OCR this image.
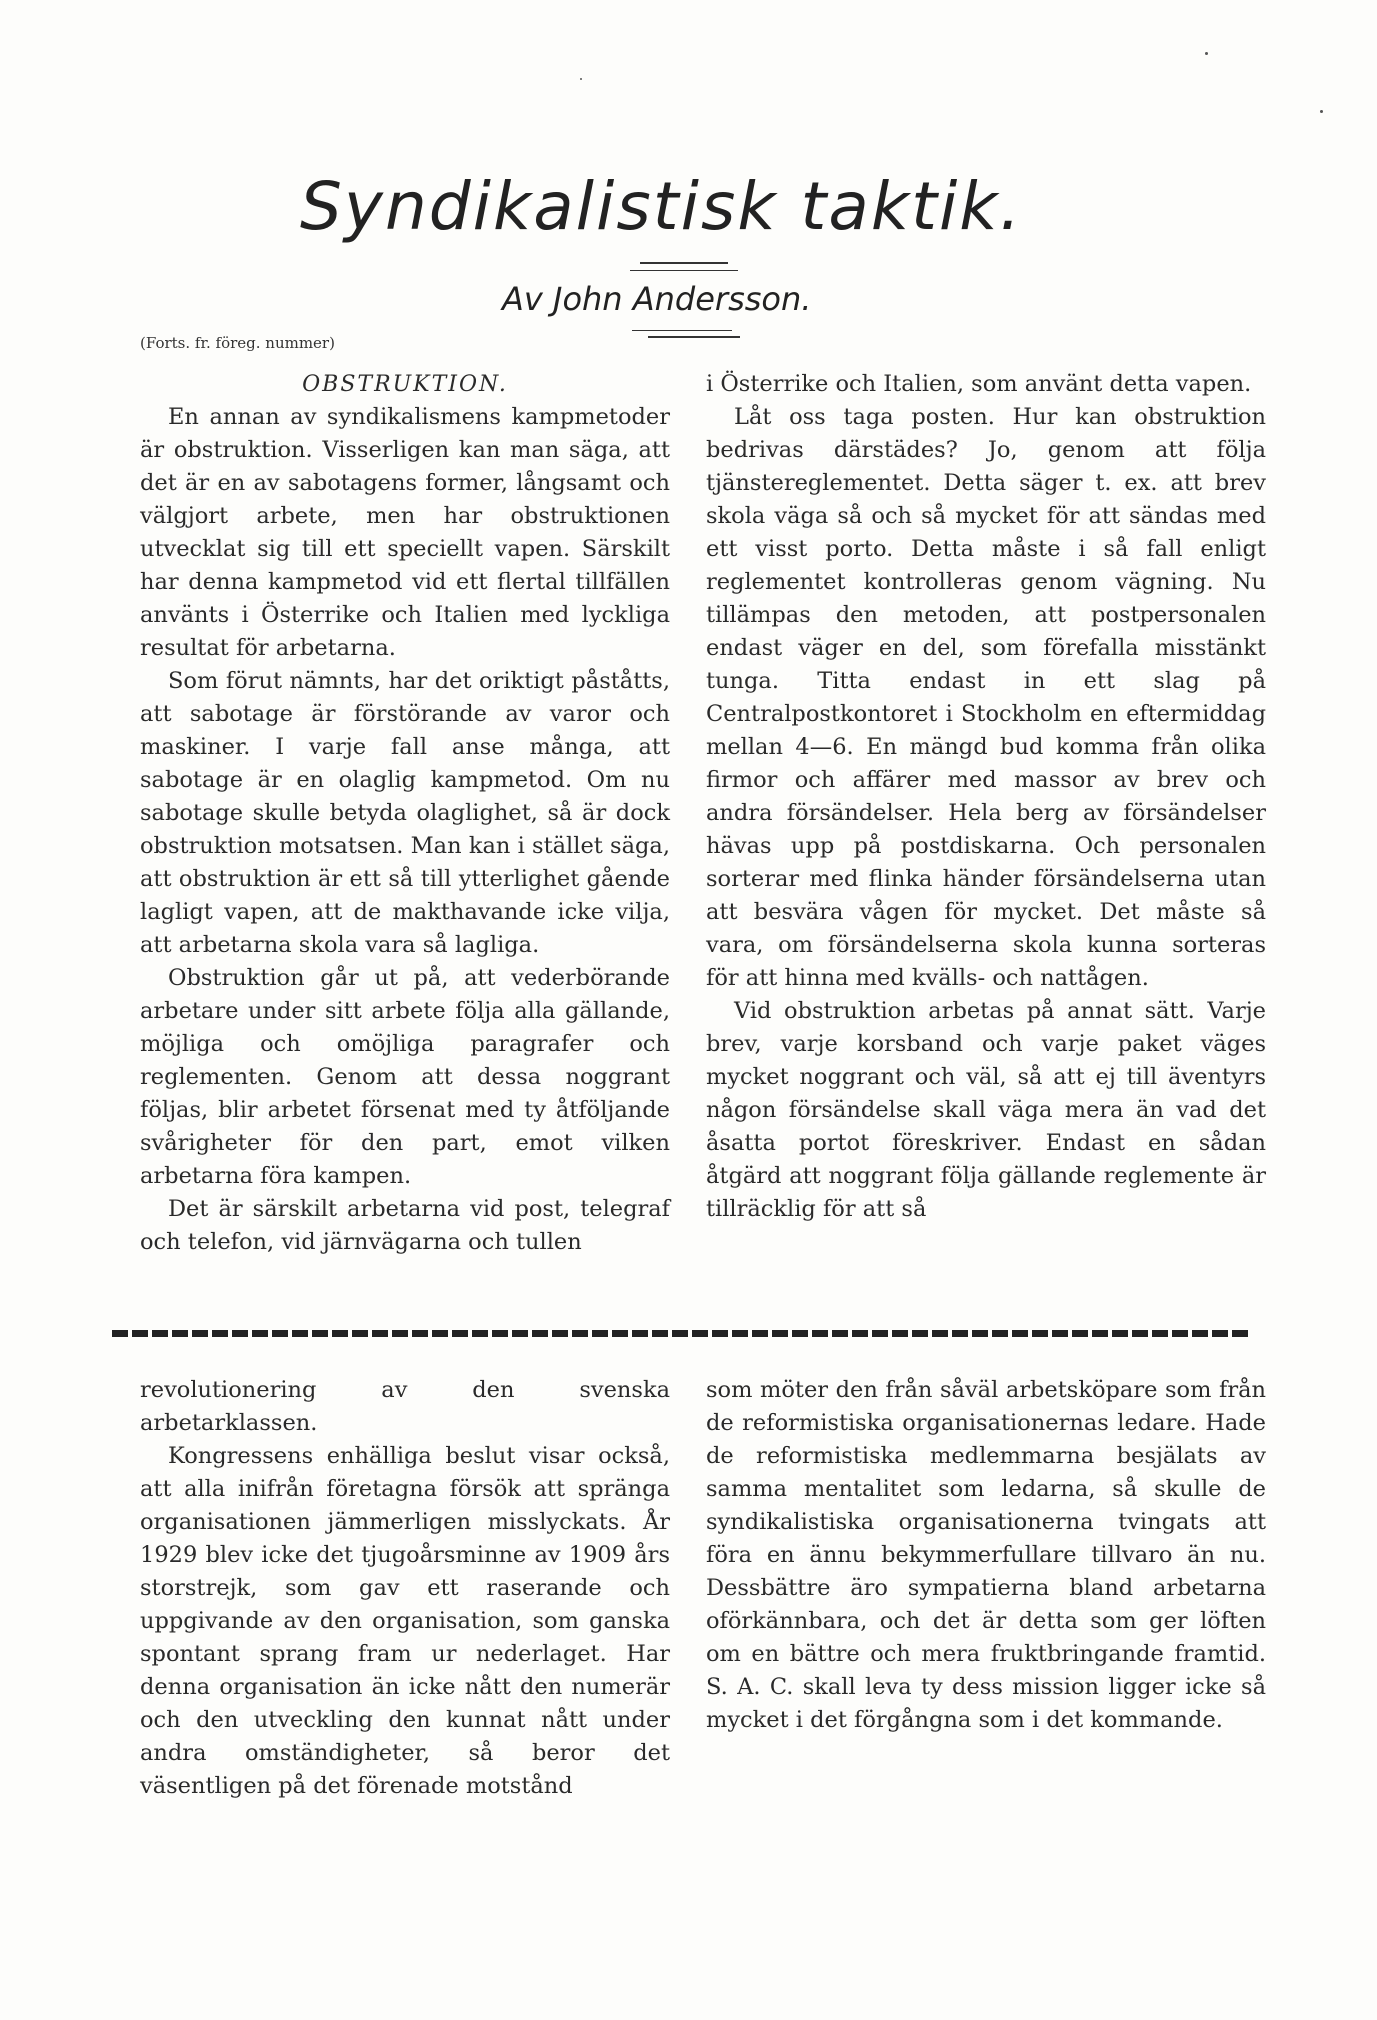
Syndikalistisk taktik.
Av John Andersson.
(Forts. fr. föreg. nummer)
OBSTRUKTION.

En annan av syndikalismens kampmetoder är obstruktion. Visserligen kan man säga, att det är en av sabotagens former, långsamt och välgjort arbete, men har obstruktionen utvecklat sig till ett speciellt vapen. Särskilt har denna kampmetod vid ett flertal tillfällen använts i Österrike och Italien med lyckliga resultat för arbetarna.

Som förut nämnts, har det oriktigt påståtts, att sabotage är förstörande av varor och maskiner. I varje fall anse många, att sabotage är en olaglig kampmetod. Om nu sabotage skulle betyda olaglighet, så är dock obstruktion motsatsen. Man kan i stället säga, att obstruktion är ett så till ytterlighet gående lagligt vapen, att de makthavande icke vilja, att arbetarna skola vara så lagliga.

Obstruktion går ut på, att vederbörande arbetare under sitt arbete följa alla gällande, möjliga och omöjliga paragrafer och reglementen. Genom att dessa noggrant följas, blir arbetet försenat med ty åtföljande svårigheter för den part, emot vilken arbetarna föra kampen.

Det är särskilt arbetarna vid post, telegraf och telefon, vid järnvägarna och tullen

i Österrike och Italien, som använt detta vapen.

Låt oss taga posten. Hur kan obstruktion bedrivas därstädes? Jo, genom att följa tjänstereglementet. Detta säger t. ex. att brev skola väga så och så mycket för att sändas med ett visst porto. Detta måste i så fall enligt reglementet kontrolleras genom vägning. Nu tillämpas den metoden, att postpersonalen endast väger en del, som förefalla misstänkt tunga. Titta endast in ett slag på Centralpostkontoret i Stockholm en eftermiddag mellan 4—6. En mängd bud komma från olika firmor och affärer med massor av brev och andra försändelser. Hela berg av försändelser hävas upp på postdiskarna. Och personalen sorterar med flinka händer försändelserna utan att besvära vågen för mycket. Det måste så vara, om försändelserna skola kunna sorteras för att hinna med kvälls- och nattågen.

Vid obstruktion arbetas på annat sätt. Varje brev, varje korsband och varje paket väges mycket noggrant och väl, så att ej till äventyrs någon försändelse skall väga mera än vad det åsatta portot föreskriver. Endast en sådan åtgärd att noggrant följa gällande reglemente är tillräcklig för att så

revolutionering av den svenska arbetarklassen.

Kongressens enhälliga beslut visar också, att alla inifrån företagna försök att spränga organisationen jämmerligen misslyckats. År 1929 blev icke det tjugoårsminne av 1909 års storstrejk, som gav ett raserande och uppgivande av den organisation, som ganska spontant sprang fram ur nederlaget. Har denna organisation än icke nått den numerär och den utveckling den kunnat nått under andra omständigheter, så beror det väsentligen på det förenade motstånd

som möter den från såväl arbetsköpare som från de reformistiska organisationernas ledare. Hade de reformistiska medlemmarna besjälats av samma mentalitet som ledarna, så skulle de syndikalistiska organisationerna tvingats att föra en ännu bekymmerfullare tillvaro än nu. Dessbättre äro sympatierna bland arbetarna oförkännbara, och det är detta som ger löften om en bättre och mera fruktbringande framtid. S. A. C. skall leva ty dess mission ligger icke så mycket i det förgångna som i det kommande.
